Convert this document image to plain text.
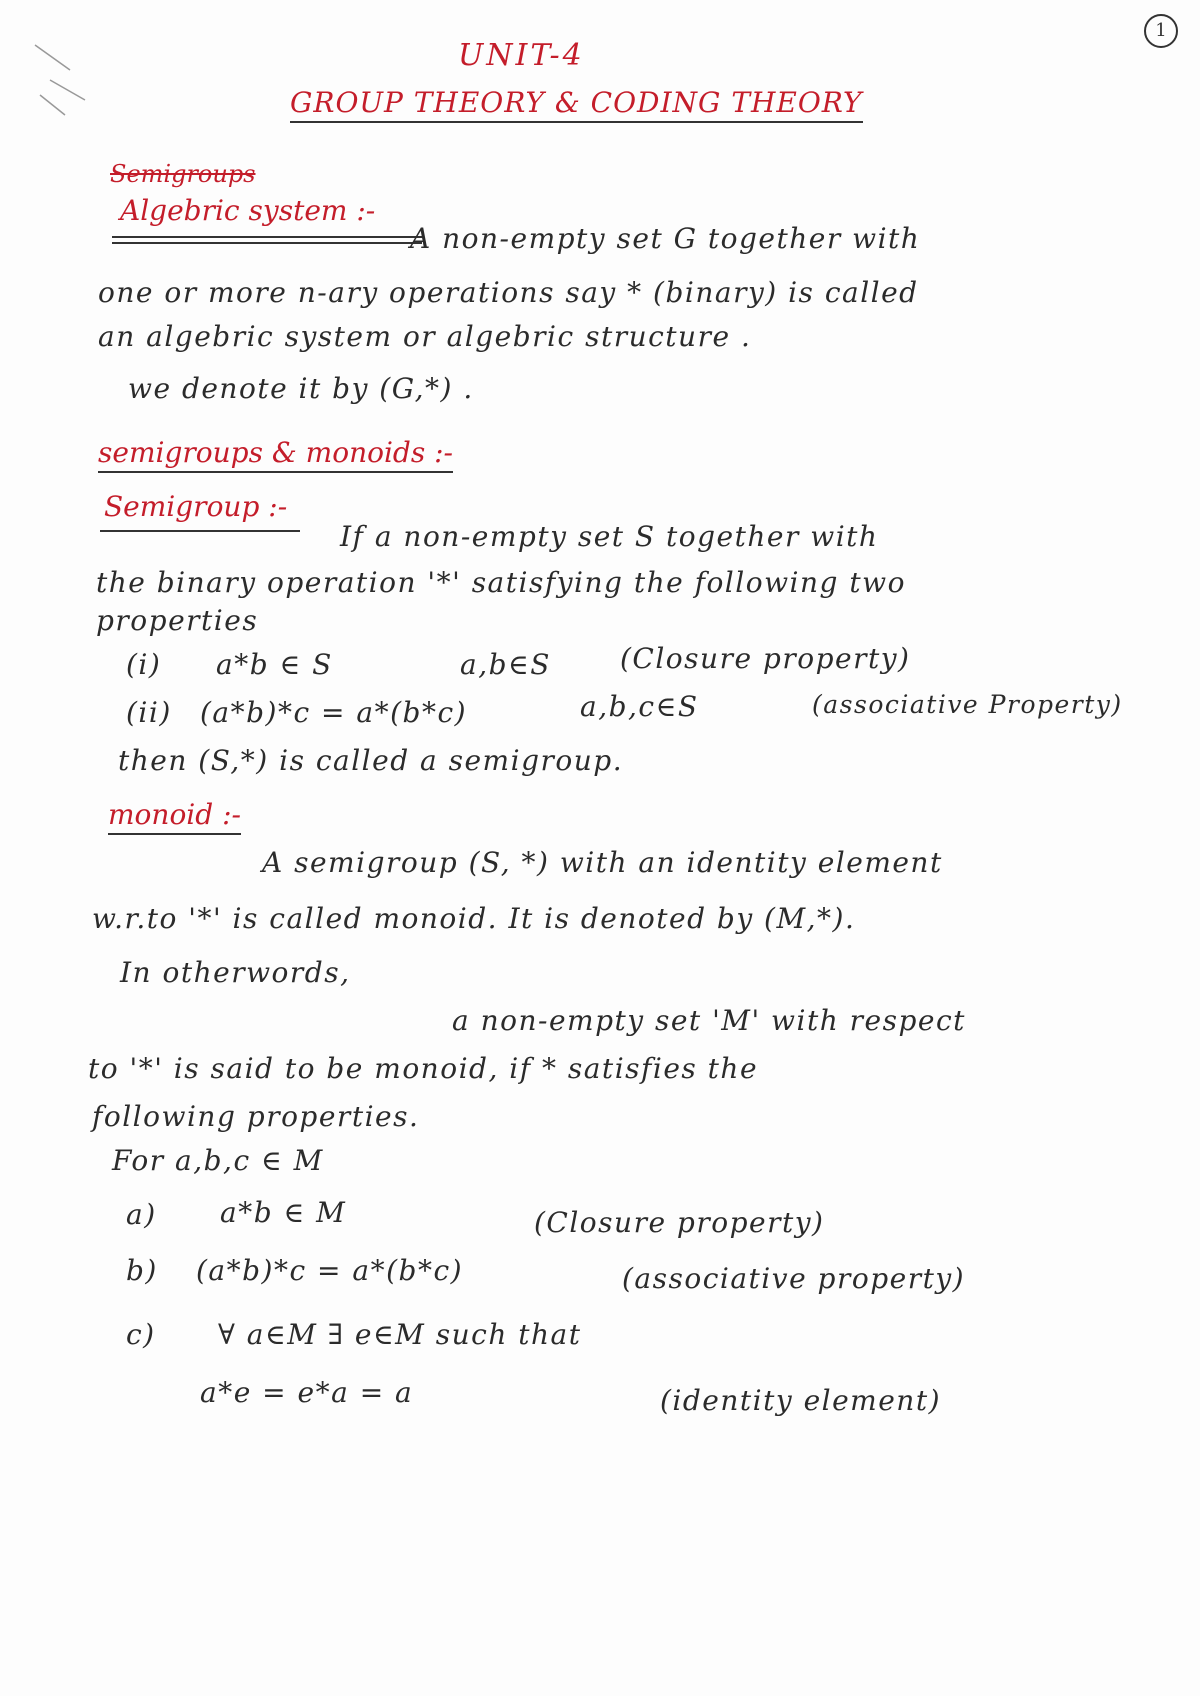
1
UNIT-4
GROUP THEORY & CODING THEORY
Semigroups
Algebric system :-
A non-empty set G together with
one or more n-ary operations say * (binary) is called
an algebric system or algebric structure .
we denote it by (G,*) .
semigroups & monoids :-
Semigroup :-
If a non-empty set S together with
the binary operation '*' satisfying the following two
properties
(i) a*b ∈ S	a,b∈S (Closure property)
(ii) (a*b)*c = a*(b*c)	a,b,c∈S	(associative Property)
then (S,*) is called a semigroup.
monoid :-
A semigroup (S, *) with an identity element
w.r.to '*' is called monoid. It is denoted by (M,*).
In otherwords,
a non-empty set 'M' with respect
to '*' is said to be monoid, if * satisfies the
following properties.
For a,b,c ∈ M
a) a*b ∈ M	(Closure property)
b) (a*b)*c = a*(b*c)	(associative property)
c) ∀ a∈M ∃ e∈M such that
a*e = e*a = a	(identity element)
